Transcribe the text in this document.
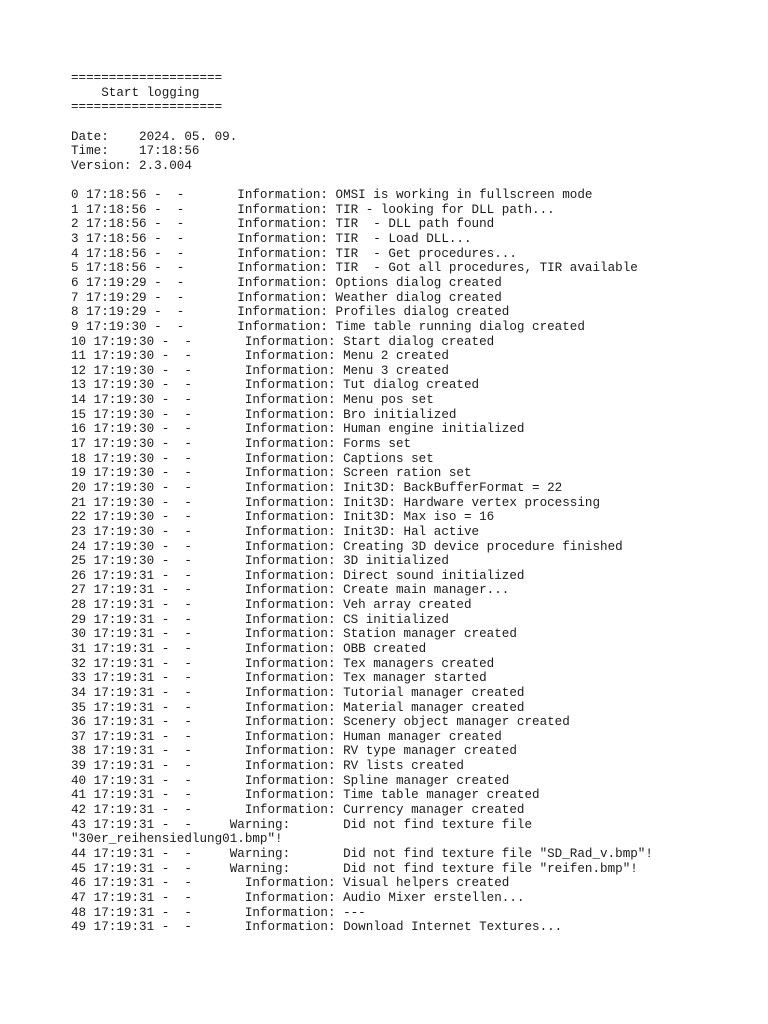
====================
Start logging
====================
Date:    2024. 05. 09.
Time:    17:18:56
Version: 2.3.004
0 17:18:56 -  -       Information: OMSI is working in fullscreen mode
1 17:18:56 -  -       Information: TIR - looking for DLL path...
2 17:18:56 -  -       Information: TIR  - DLL path found
3 17:18:56 -  -       Information: TIR  - Load DLL...
4 17:18:56 -  -       Information: TIR  - Get procedures...
5 17:18:56 -  -       Information: TIR  - Got all procedures, TIR available
6 17:19:29 -  -       Information: Options dialog created
7 17:19:29 -  -       Information: Weather dialog created
8 17:19:29 -  -       Information: Profiles dialog created
9 17:19:30 -  -       Information: Time table running dialog created
10 17:19:30 -  -       Information: Start dialog created
11 17:19:30 -  -       Information: Menu 2 created
12 17:19:30 -  -       Information: Menu 3 created
13 17:19:30 -  -       Information: Tut dialog created
14 17:19:30 -  -       Information: Menu pos set
15 17:19:30 -  -       Information: Bro initialized
16 17:19:30 -  -       Information: Human engine initialized
17 17:19:30 -  -       Information: Forms set
18 17:19:30 -  -       Information: Captions set
19 17:19:30 -  -       Information: Screen ration set
20 17:19:30 -  -       Information: Init3D: BackBufferFormat = 22
21 17:19:30 -  -       Information: Init3D: Hardware vertex processing
22 17:19:30 -  -       Information: Init3D: Max iso = 16
23 17:19:30 -  -       Information: Init3D: Hal active
24 17:19:30 -  -       Information: Creating 3D device procedure finished
25 17:19:30 -  -       Information: 3D initialized
26 17:19:31 -  -       Information: Direct sound initialized
27 17:19:31 -  -       Information: Create main manager...
28 17:19:31 -  -       Information: Veh array created
29 17:19:31 -  -       Information: CS initialized
30 17:19:31 -  -       Information: Station manager created
31 17:19:31 -  -       Information: OBB created
32 17:19:31 -  -       Information: Tex managers created
33 17:19:31 -  -       Information: Tex manager started
34 17:19:31 -  -       Information: Tutorial manager created
35 17:19:31 -  -       Information: Material manager created
36 17:19:31 -  -       Information: Scenery object manager created
37 17:19:31 -  -       Information: Human manager created
38 17:19:31 -  -       Information: RV type manager created
39 17:19:31 -  -       Information: RV lists created
40 17:19:31 -  -       Information: Spline manager created
41 17:19:31 -  -       Information: Time table manager created
42 17:19:31 -  -       Information: Currency manager created
43 17:19:31 -  -     Warning:       Did not find texture file
"30er_reihensiedlung01.bmp"!
44 17:19:31 -  -     Warning:       Did not find texture file "SD_Rad_v.bmp"!
45 17:19:31 -  -     Warning:       Did not find texture file "reifen.bmp"!
46 17:19:31 -  -       Information: Visual helpers created
47 17:19:31 -  -       Information: Audio Mixer erstellen...
48 17:19:31 -  -       Information: ---
49 17:19:31 -  -       Information: Download Internet Textures...
